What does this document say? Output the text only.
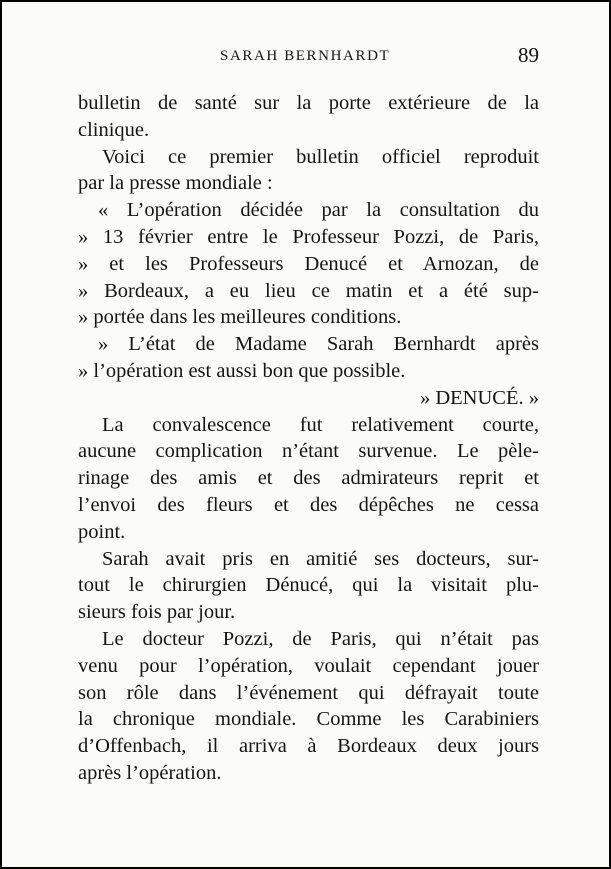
SARAH BERNHARDT	89
bulletin de santé sur la porte extérieure de la
clinique.
Voici ce premier bulletin officiel reproduit
par la presse mondiale :
« L’opération décidée par la consultation du
» 13 février entre le Professeur Pozzi, de Paris,
» et les Professeurs Denucé et Arnozan, de
» Bordeaux, a eu lieu ce matin et a été sup-
» portée dans les meilleures conditions.
» L’état de Madame Sarah Bernhardt après
» l’opération est aussi bon que possible.
» DENUCÉ. »
La convalescence fut relativement courte,
aucune complication n’étant survenue. Le pèle-
rinage des amis et des admirateurs reprit et
l’envoi des fleurs et des dépêches ne cessa
point.
Sarah avait pris en amitié ses docteurs, sur-
tout le chirurgien Dénucé, qui la visitait plu-
sieurs fois par jour.
Le docteur Pozzi, de Paris, qui n’était pas
venu pour l’opération, voulait cependant jouer
son rôle dans l’événement qui défrayait toute
la chronique mondiale. Comme les Carabiniers
d’Offenbach, il arriva à Bordeaux deux jours
après l’opération.
